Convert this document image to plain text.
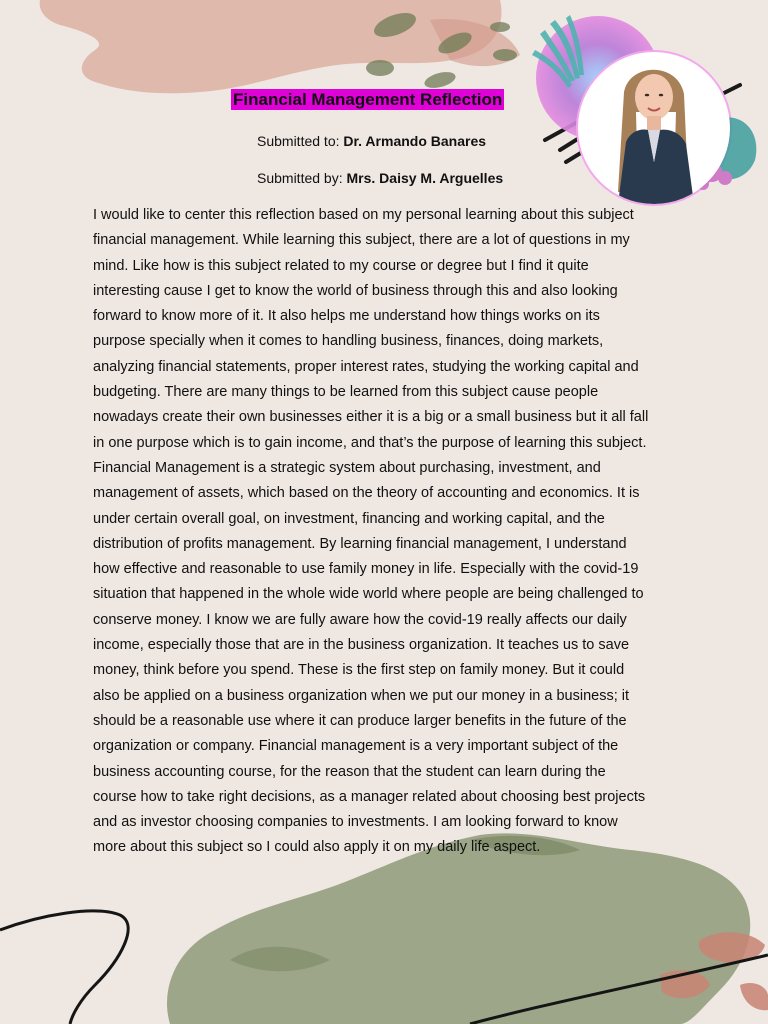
Financial Management Reflection
Submitted to: Dr. Armando Banares
Submitted by: Mrs. Daisy M. Arguelles

I would like to center this reflection based on my personal learning about this subject financial management. While learning this subject, there are a lot of questions in my mind. Like how is this subject related to my course or degree but I find it quite interesting cause I get to know the world of business through this and also looking forward to know more of it. It also helps me understand how things works on its purpose specially when it comes to handling business, finances, doing markets, analyzing financial statements, proper interest rates, studying the working capital and budgeting. There are many things to be learned from this subject cause people nowadays create their own businesses either it is a big or a small business but it all fall in one purpose which is to gain income, and that’s the purpose of learning this subject. Financial Management is a strategic system about purchasing, investment, and management of assets, which based on the theory of accounting and economics. It is under certain overall goal, on investment, financing and working capital, and the distribution of profits management. By learning financial management, I understand how effective and reasonable to use family money in life. Especially with the covid-19 situation that happened in the whole wide world where people are being challenged to conserve money. I know we are fully aware how the covid-19 really affects our daily income, especially those that are in the business organization. It teaches us to save money, think before you spend. These is the first step on family money. But it could also be applied on a business organization when we put our money in a business; it should be a reasonable use where it can produce larger benefits in the future of the organization or company. Financial management is a very important subject of the business accounting course, for the reason that the student can learn during the course how to take right decisions, as a manager related about choosing best projects and as investor choosing companies to investments. I am looking forward to know more about this subject so I could also apply it on my daily life aspect.
